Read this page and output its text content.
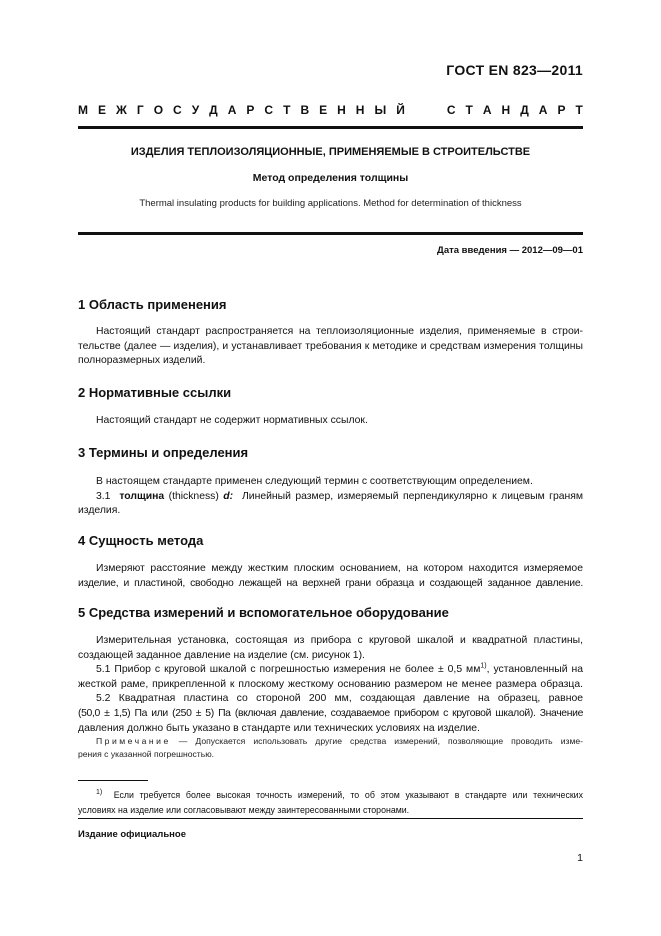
ГОСТ EN 823—2011
М Е Ж Г О С У Д А Р С Т В Е Н Н Ы Й	С Т А Н Д А Р Т
ИЗДЕЛИЯ ТЕПЛОИЗОЛЯЦИОННЫЕ, ПРИМЕНЯЕМЫЕ В СТРОИТЕЛЬСТВЕ
Метод определения толщины
Thermal insulating products for building applications. Method for determination of thickness
Дата введения — 2012—09—01
1 Область применения
Настоящий стандарт распространяется на теплоизоляционные изделия, применяемые в строи-
тельстве (далее — изделия), и устанавливает требования к методике и средствам измерения толщины
полноразмерных изделий.
2 Нормативные ссылки
Настоящий стандарт не содержит нормативных ссылок.
3 Термины и определения
В настоящем стандарте применен следующий термин с соответствующим определением.
3.1 толщина (thickness) d: Линейный размер, измеряемый перпендикулярно к лицевым граням
изделия.
4 Сущность метода
Измеряют расстояние между жестким плоским основанием, на котором находится измеряемое
изделие, и пластиной, свободно лежащей на верхней грани образца и создающей заданное давление.
5 Средства измерений и вспомогательное оборудование
Измерительная установка, состоящая из прибора с круговой шкалой и квадратной пластины,
создающей заданное давление на изделие (см. рисунок 1).
5.1 Прибор с круговой шкалой с погрешностью измерения не более ± 0,5 $мм^{1)}$, установленный на
жесткой раме, прикрепленной к плоскому жесткому основанию размером не менее размера образца.
5.2 Квадратная пластина со стороной 200 мм, создающая давление на образец, равное
(50,0 ± 1,5) Па или (250 ± 5) Па (включая давление, создаваемое прибором с круговой шкалой). Значение
давления должно быть указано в стандарте или технических условиях на изделие.
Примечание — Допускается использовать другие средства измерений, позволяющие проводить изме-
рения с указанной погрешностью.
$^{1)}$ Если требуется более высокая точность измерений, то об этом указывают в стандарте или технических
условиях на изделие или согласовывают между заинтересованными сторонами.
Издание официальное
1
